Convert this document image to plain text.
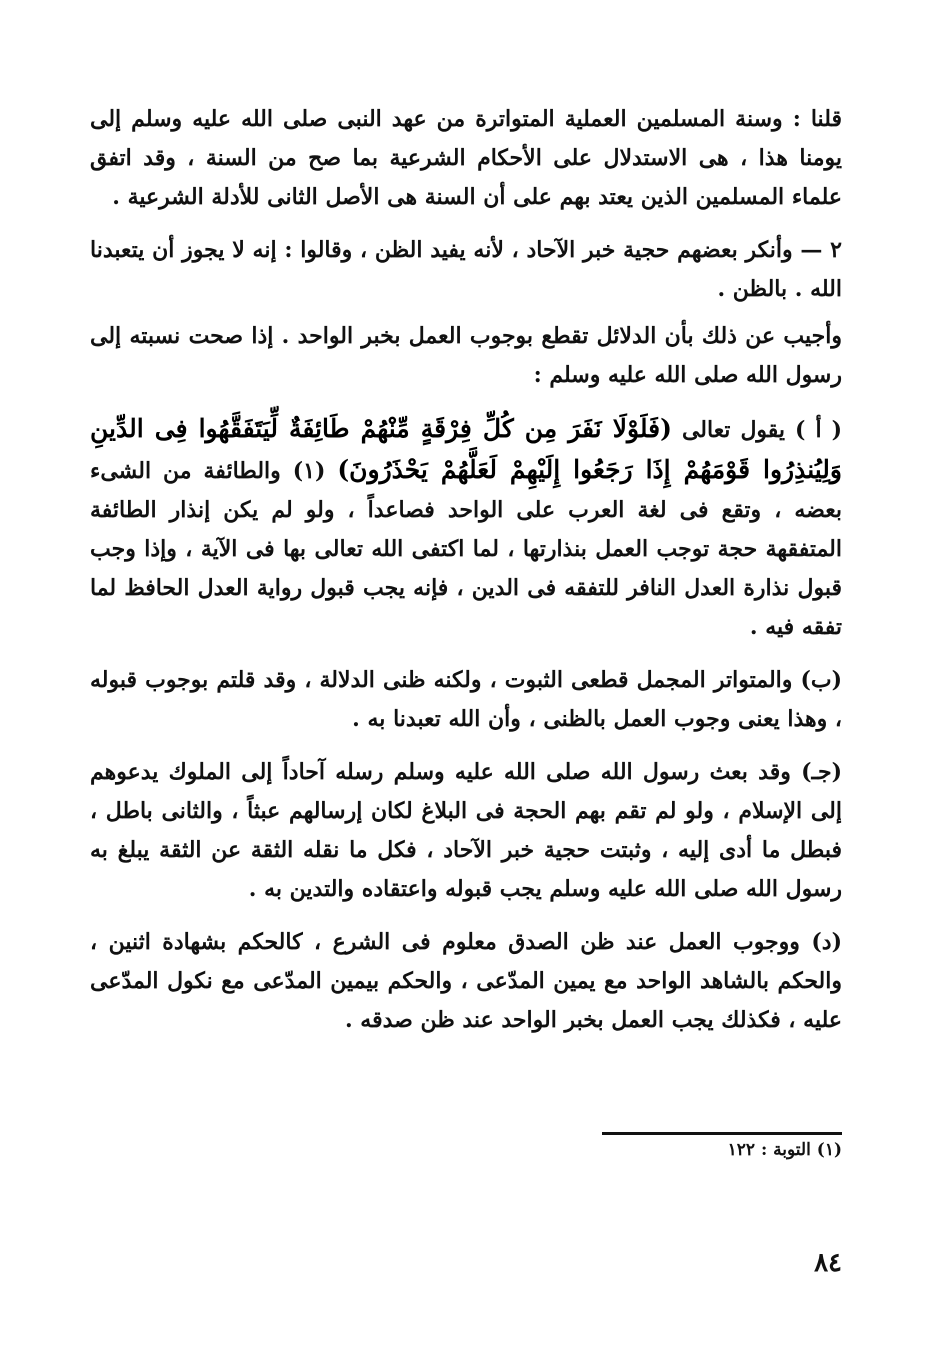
قلنا : وسنة المسلمين العملية المتواترة من عهد النبى صلى الله عليه وسلم إلى يومنا هذا ، هى الاستدلال على الأحكام الشرعية بما صح من السنة ، وقد اتفق علماء المسلمين الذين يعتد بهم على أن السنة هى الأصل الثانى للأدلة الشرعية .

٢ — وأنكر بعضهم حجية خبر الآحاد ، لأنه يفيد الظن ، وقالوا : إنه لا يجوز أن يتعبدنا الله . بالظن .

وأجيب عن ذلك بأن الدلائل تقطع بوجوب العمل بخبر الواحد . إذا صحت نسبته إلى رسول الله صلى الله عليه وسلم :

( أ ) يقول تعالى (فَلَوْلَا نَفَرَ مِن كُلِّ فِرْقَةٍ مِّنْهُمْ طَائِفَةٌ لِّيَتَفَقَّهُوا فِى الدِّينِ وَلِيُنذِرُوا قَوْمَهُمْ إِذَا رَجَعُوا إِلَيْهِمْ لَعَلَّهُمْ يَحْذَرُونَ) (١) والطائفة من الشىء بعضه ، وتقع فى لغة العرب على الواحد فصاعداً ، ولو لم يكن إنذار الطائفة المتفقهة حجة توجب العمل بنذارتها ، لما اكتفى الله تعالى بها فى الآية ، وإذا وجب قبول نذارة العدل النافر للتفقه فى الدين ، فإنه يجب قبول رواية العدل الحافظ لما تفقه فيه .

(ب) والمتواتر المجمل قطعى الثبوت ، ولكنه ظنى الدلالة ، وقد قلتم بوجوب قبوله ، وهذا يعنى وجوب العمل بالظنى ، وأن الله تعبدنا به .

(جـ) وقد بعث رسول الله صلى الله عليه وسلم رسله آحاداً إلى الملوك يدعوهم إلى الإسلام ، ولو لم تقم بهم الحجة فى البلاغ لكان إرسالهم عبثاً ، والثانى باطل ، فبطل ما أدى إليه ، وثبتت حجية خبر الآحاد ، فكل ما نقله الثقة عن الثقة يبلغ به رسول الله صلى الله عليه وسلم يجب قبوله واعتقاده والتدين به .

(د) ووجوب العمل عند ظن الصدق معلوم فى الشرع ، كالحكم بشهادة اثنين ، والحكم بالشاهد الواحد مع يمين المدّعى ، والحكم بيمين المدّعى مع نكول المدّعى عليه ، فكذلك يجب العمل بخبر الواحد عند ظن صدقه .

(١) التوبة : ١٢٢
٨٤
